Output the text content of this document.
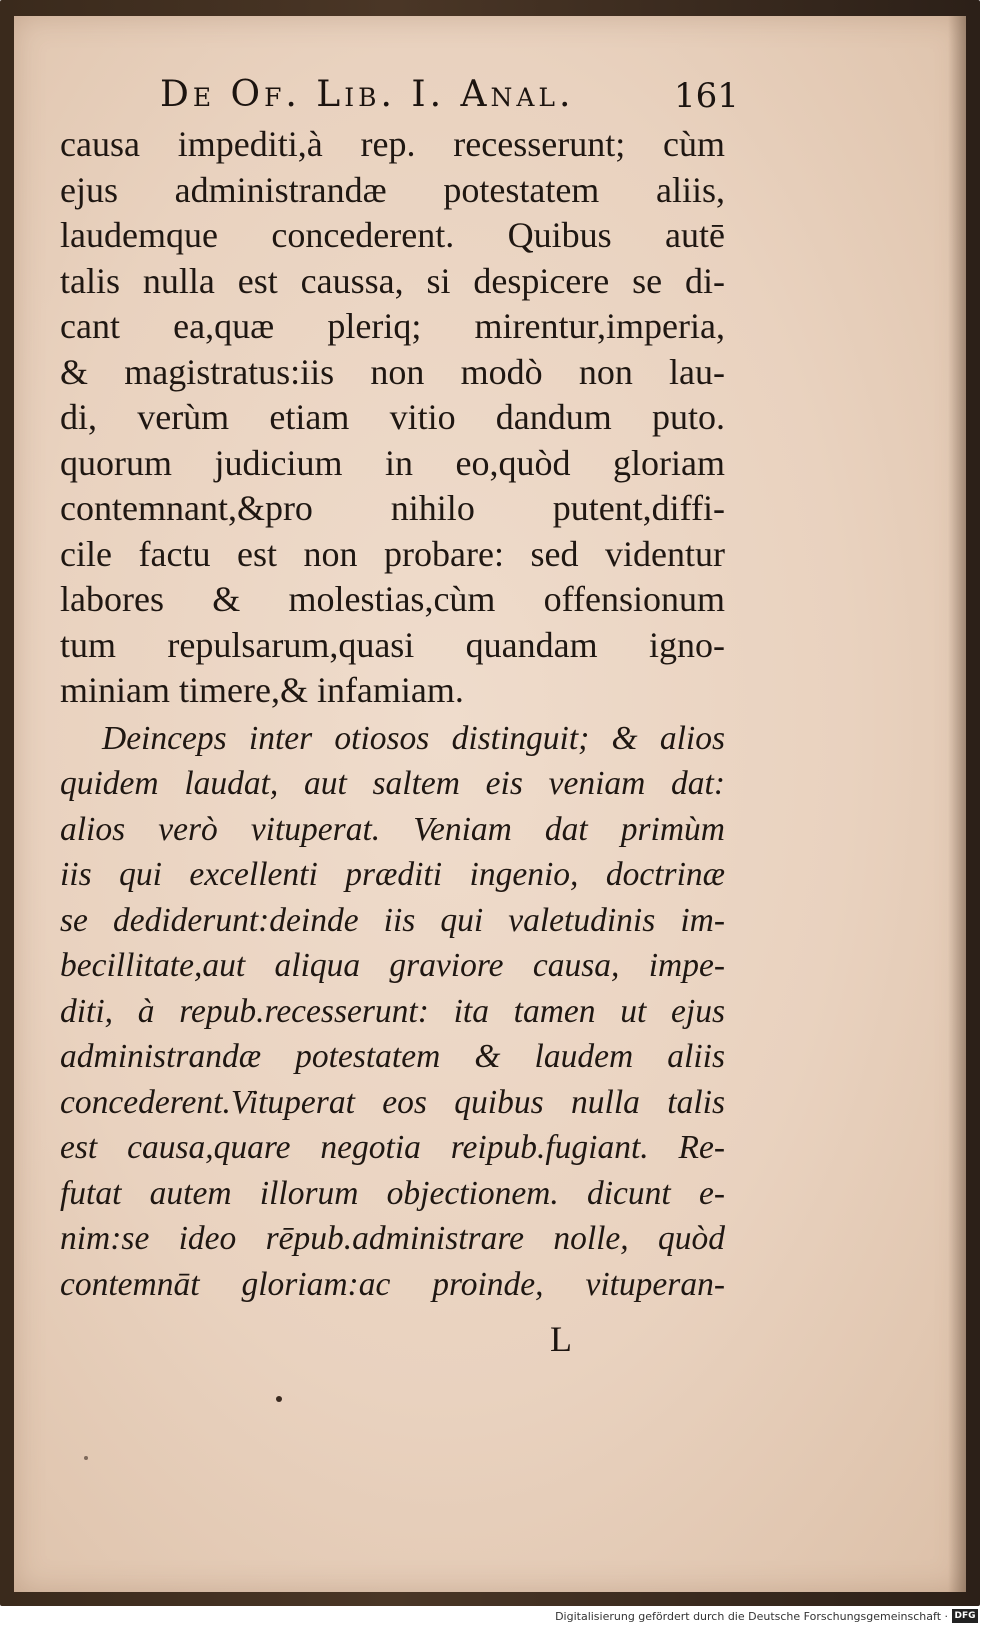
De Of. Lib. I. Anal.	161
causa impediti,à rep. recesserunt; cùm
ejus administrandæ potestatem aliis,
laudemque concederent. Quibus autē
talis nulla est caussa, si despicere se di-
cant ea,quæ pleriq; mirentur,imperia,
& magistratus:iis non modò non lau-
di, verùm etiam vitio dandum puto.
quorum judicium in eo,quòd gloriam
contemnant,&pro nihilo putent,diffi-
cile factu est non probare: sed videntur
labores & molestias,cùm offensionum
tum repulsarum,quasi quandam igno-
miniam timere,& infamiam.
Deinceps inter otiosos distinguit; & alios
quidem laudat, aut saltem eis veniam dat:
alios verò vituperat. Veniam dat primùm
iis qui excellenti præditi ingenio, doctrinæ
se dediderunt:deinde iis qui valetudinis im-
becillitate,aut aliqua graviore causa, impe-
diti, à repub.recesserunt: ita tamen ut ejus
administrandæ potestatem & laudem aliis
concederent.Vituperat eos quibus nulla talis
est causa,quare negotia reipub.fugiant. Re-
futat autem illorum objectionem. dicunt e-
nim:se ideo rēpub.administrare nolle, quòd
contemnāt gloriam:ac proinde, vituperan-
L
Digitalisierung gefördert durch die Deutsche Forschungsgemeinschaft · DFG
